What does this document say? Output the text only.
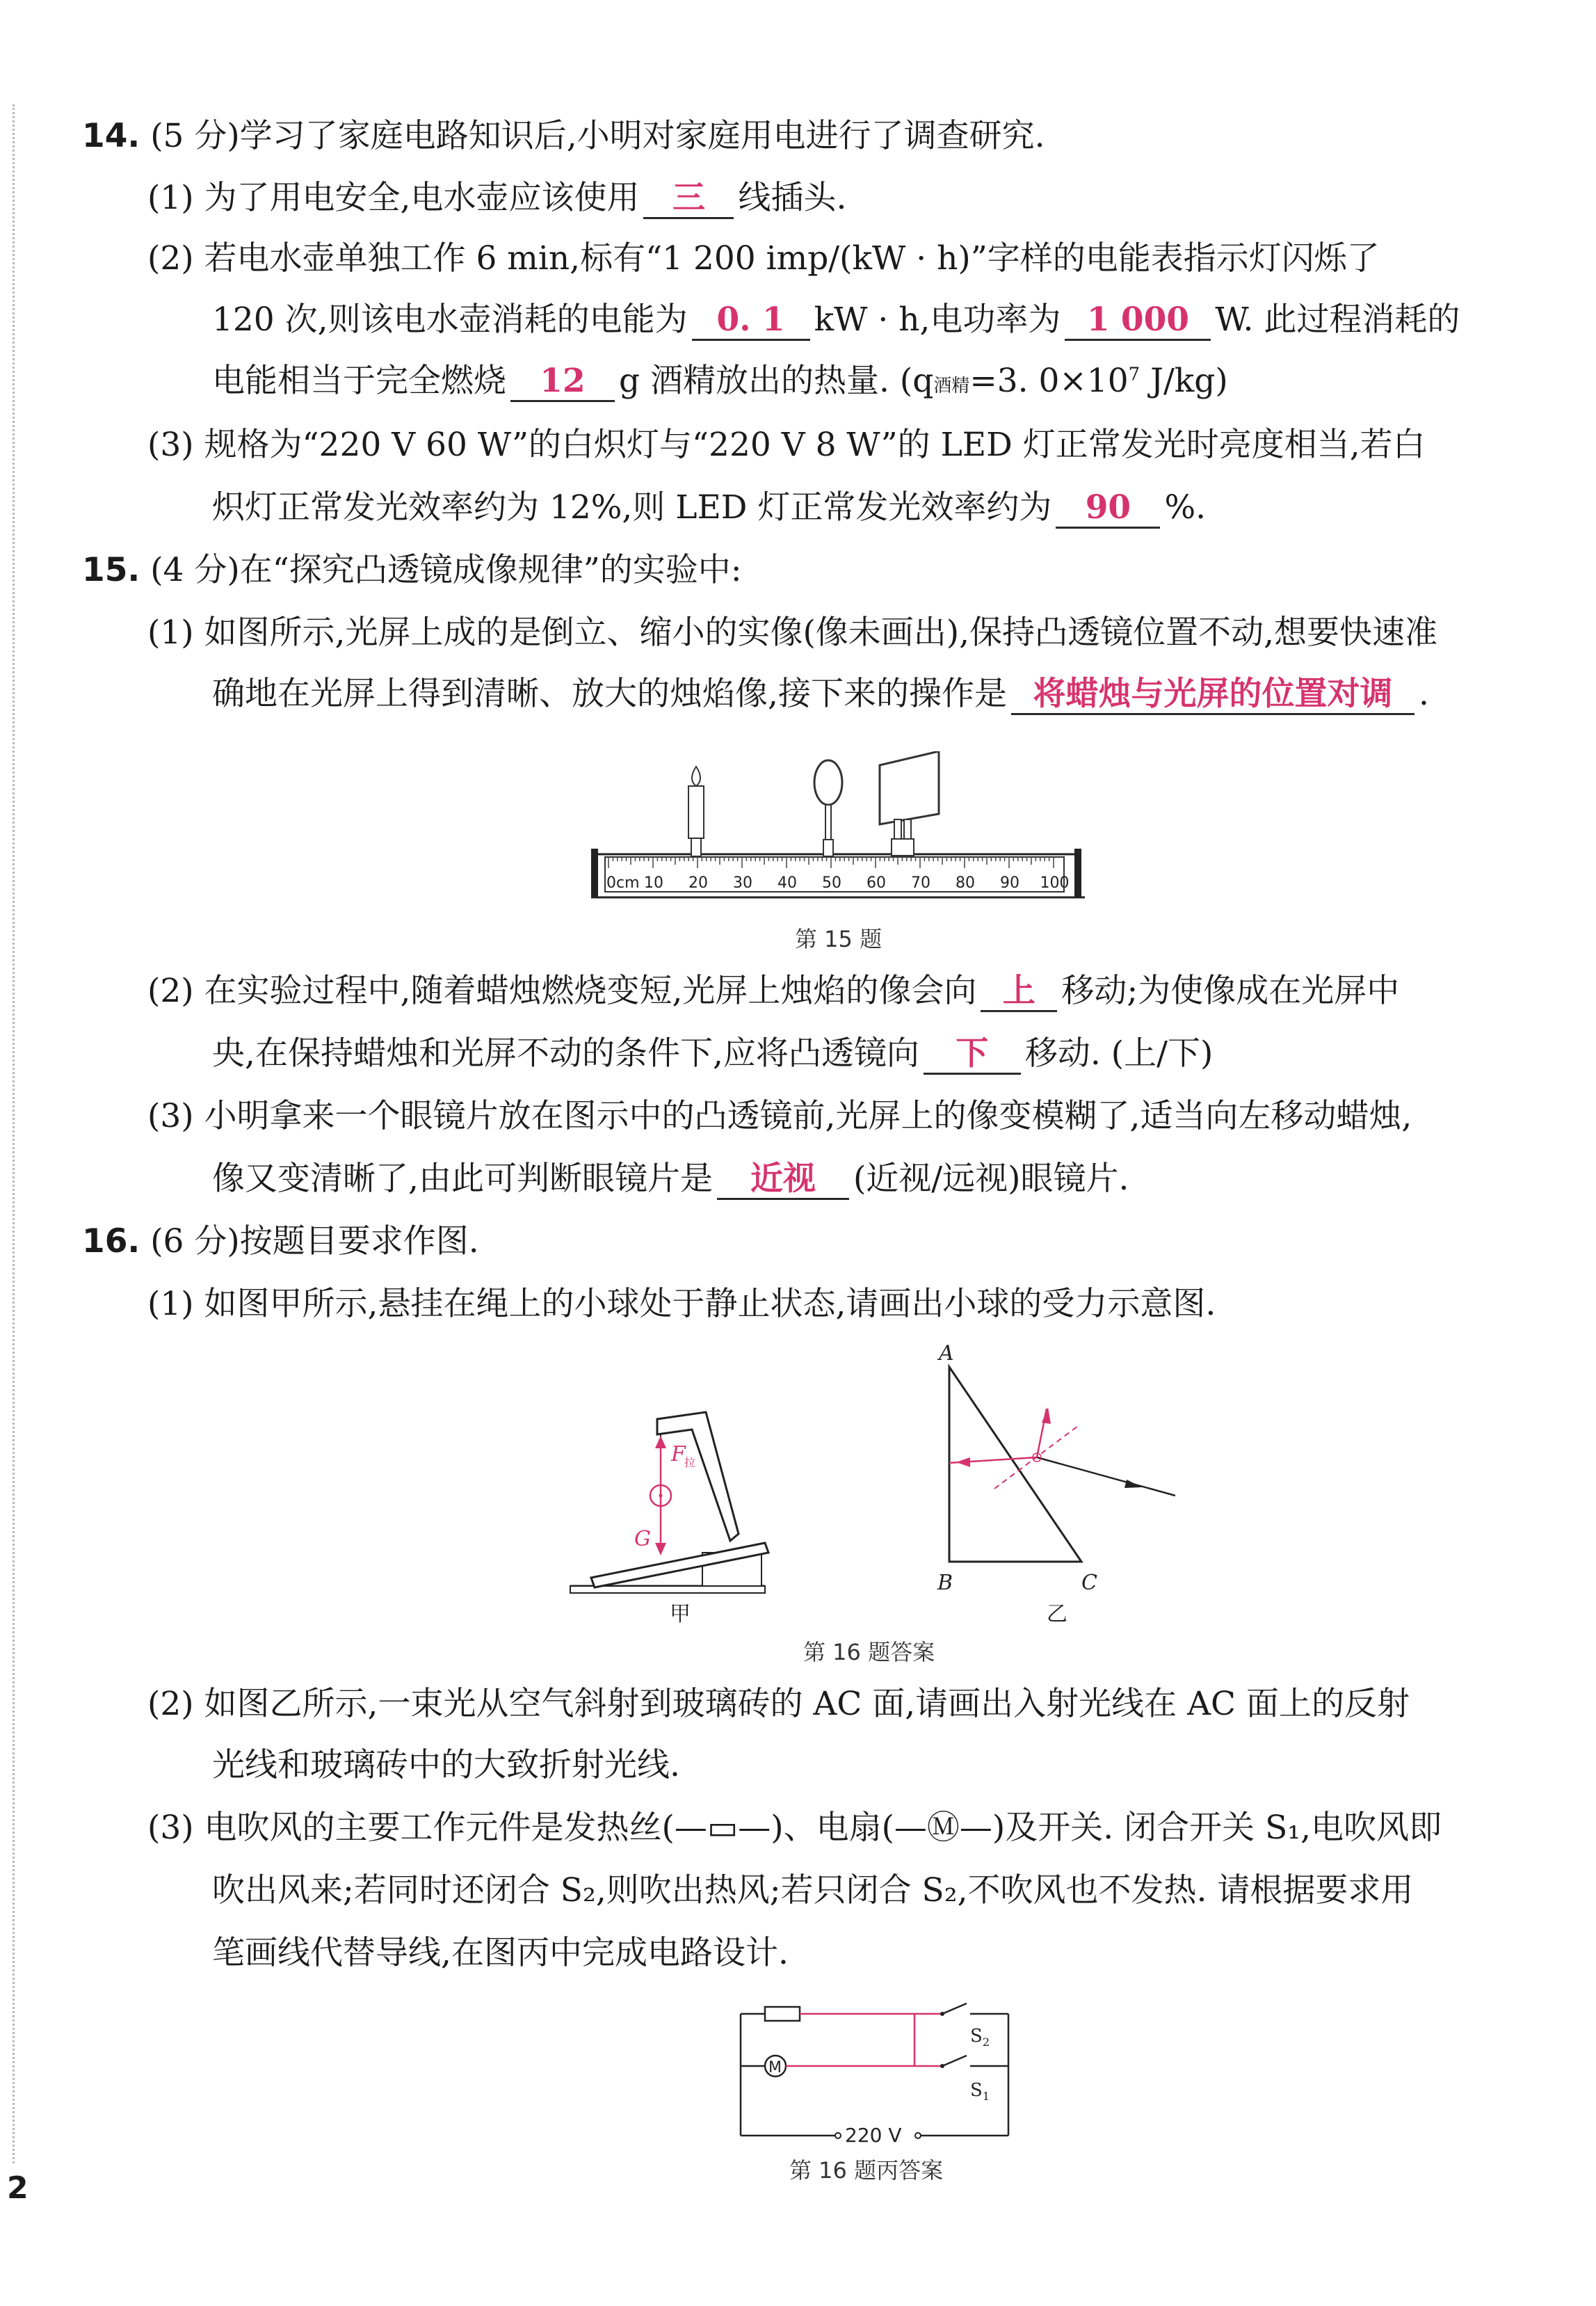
14. (5 分)学习了家庭电路知识后,小明对家庭用电进行了调查研究.
(1) 为了用电安全,电水壶应该使用 三 线插头.
(2) 若电水壶单独工作 6 min,标有“1 200 imp/(kW · h)”字样的电能表指示灯闪烁了
120 次,则该电水壶消耗的电能为 0. 1 kW · h,电功率为 1 000 W. 此过程消耗的
电能相当于完全燃烧 12 g 酒精放出的热量. (q酒精=3. $0\times 10^7$ J/kg)
(3) 规格为“220 V 60 W”的白炽灯与“220 V 8 W”的 LED 灯正常发光时亮度相当,若白
炽灯正常发光效率约为 12%,则 LED 灯正常发光效率约为 90 %.
15. (4 分)在“探究凸透镜成像规律”的实验中:
(1) 如图所示,光屏上成的是倒立、缩小的实像(像未画出),保持凸透镜位置不动,想要快速准
确地在光屏上得到清晰、放大的烛焰像,接下来的操作是 将蜡烛与光屏的位置对调 .
0cm 10 20 30 40 50 60 70 80 90 100
第 15 题
(2) 在实验过程中,随着蜡烛燃烧变短,光屏上烛焰的像会向 上 移动;为使像成在光屏中
央,在保持蜡烛和光屏不动的条件下,应将凸透镜向 下 移动. (上/下)
(3) 小明拿来一个眼镜片放在图示中的凸透镜前,光屏上的像变模糊了,适当向左移动蜡烛,
像又变清晰了,由此可判断眼镜片是 近视 (近视/远视)眼镜片.
16. (6 分)按题目要求作图.
(1) 如图甲所示,悬挂在绳上的小球处于静止状态,请画出小球的受力示意图.
F
拉
G
甲
A
B	C
乙
第 16 题答案
(2) 如图乙所示,一束光从空气斜射到玻璃砖的 AC 面,请画出入射光线在 AC 面上的反射
光线和玻璃砖中的大致折射光线.
(3) 电吹风的主要工作元件是发热丝(—▭—)、电扇(—Ⓜ—)及开关. 闭合开关 S₁,电吹风即
吹出风来;若同时还闭合 S₂,则吹出热风;若只闭合 S₂,不吹风也不发热. 请根据要求用
笔画线代替导线,在图丙中完成电路设计.
220 V
$S_2$
M
$S_1$
第 16 题丙答案
2
